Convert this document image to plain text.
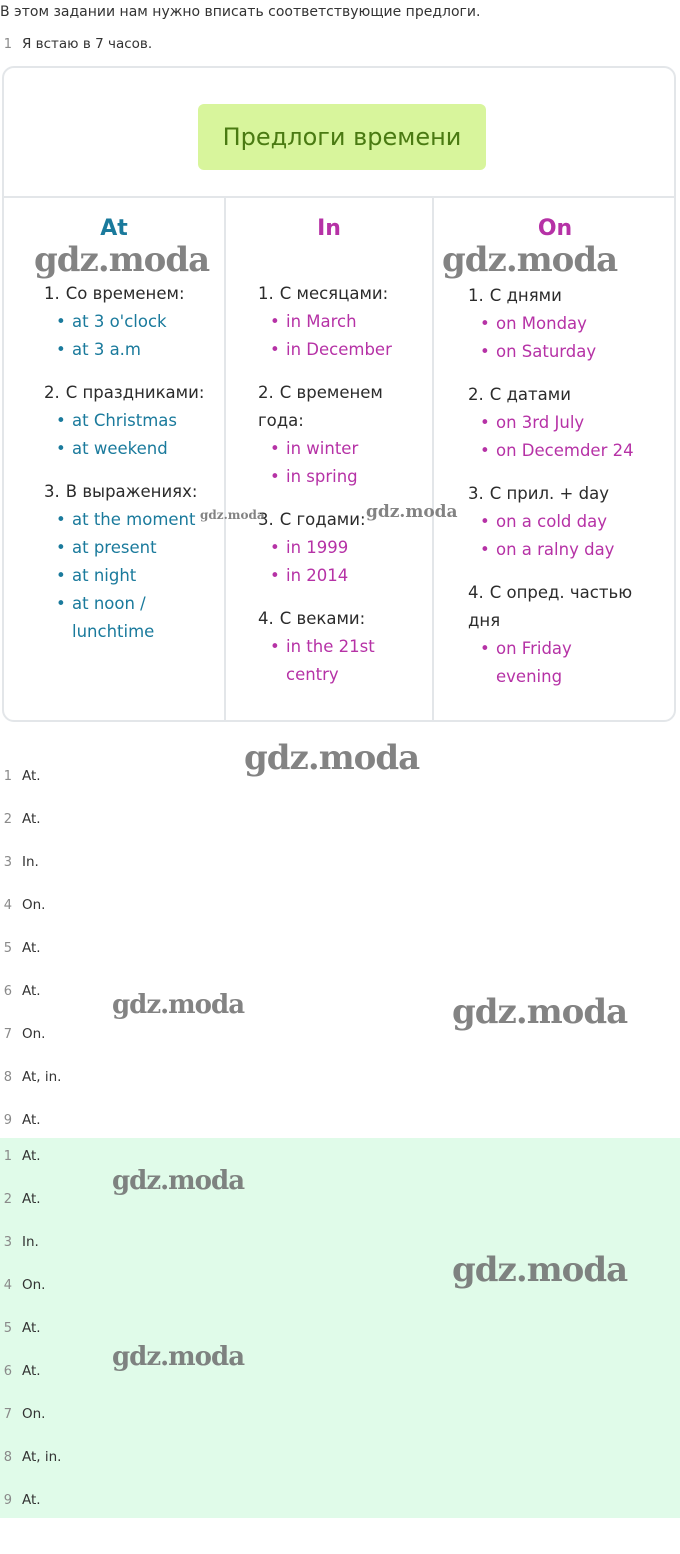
В этом задании нам нужно вписать соответствующие предлоги.
1 Я встаю в 7 часов.
Предлоги времени
At
1. Со временем:
• at 3 o'clock
• at 3 a.m
2. С праздниками:
• at Christmas
• at weekend
3. В выражениях:
• at the moment
• at present
• at night
• at noon / lunchtime
In
1. С месяцами:
• in March
• in December
2. С временем года:
• in winter
• in spring
3. С годами:
• in 1999
• in 2014
4. С веками:
• in the 21st centry
On
1. С днями
• on Monday
• on Saturday
2. С датами
• on 3rd July
• on Decemder 24
3. С прил. + day
• on a cold day
• on a ralny day
4. С опред. частью дня
• on Friday evening
gdz.moda	gdz.moda
gdz.moda	gdz.moda
gdz.moda
1 At.
2 At.
3 In.
4 On.
5 At.
6 At.
7 On.
8 At, in.
9 At.
gdz.moda	gdz.moda
1 At.
2 At.
3 In.
4 On.
5 At.
6 At.
7 On.
8 At, in.
9 At.
gdz.moda
gdz.moda
gdz.moda
